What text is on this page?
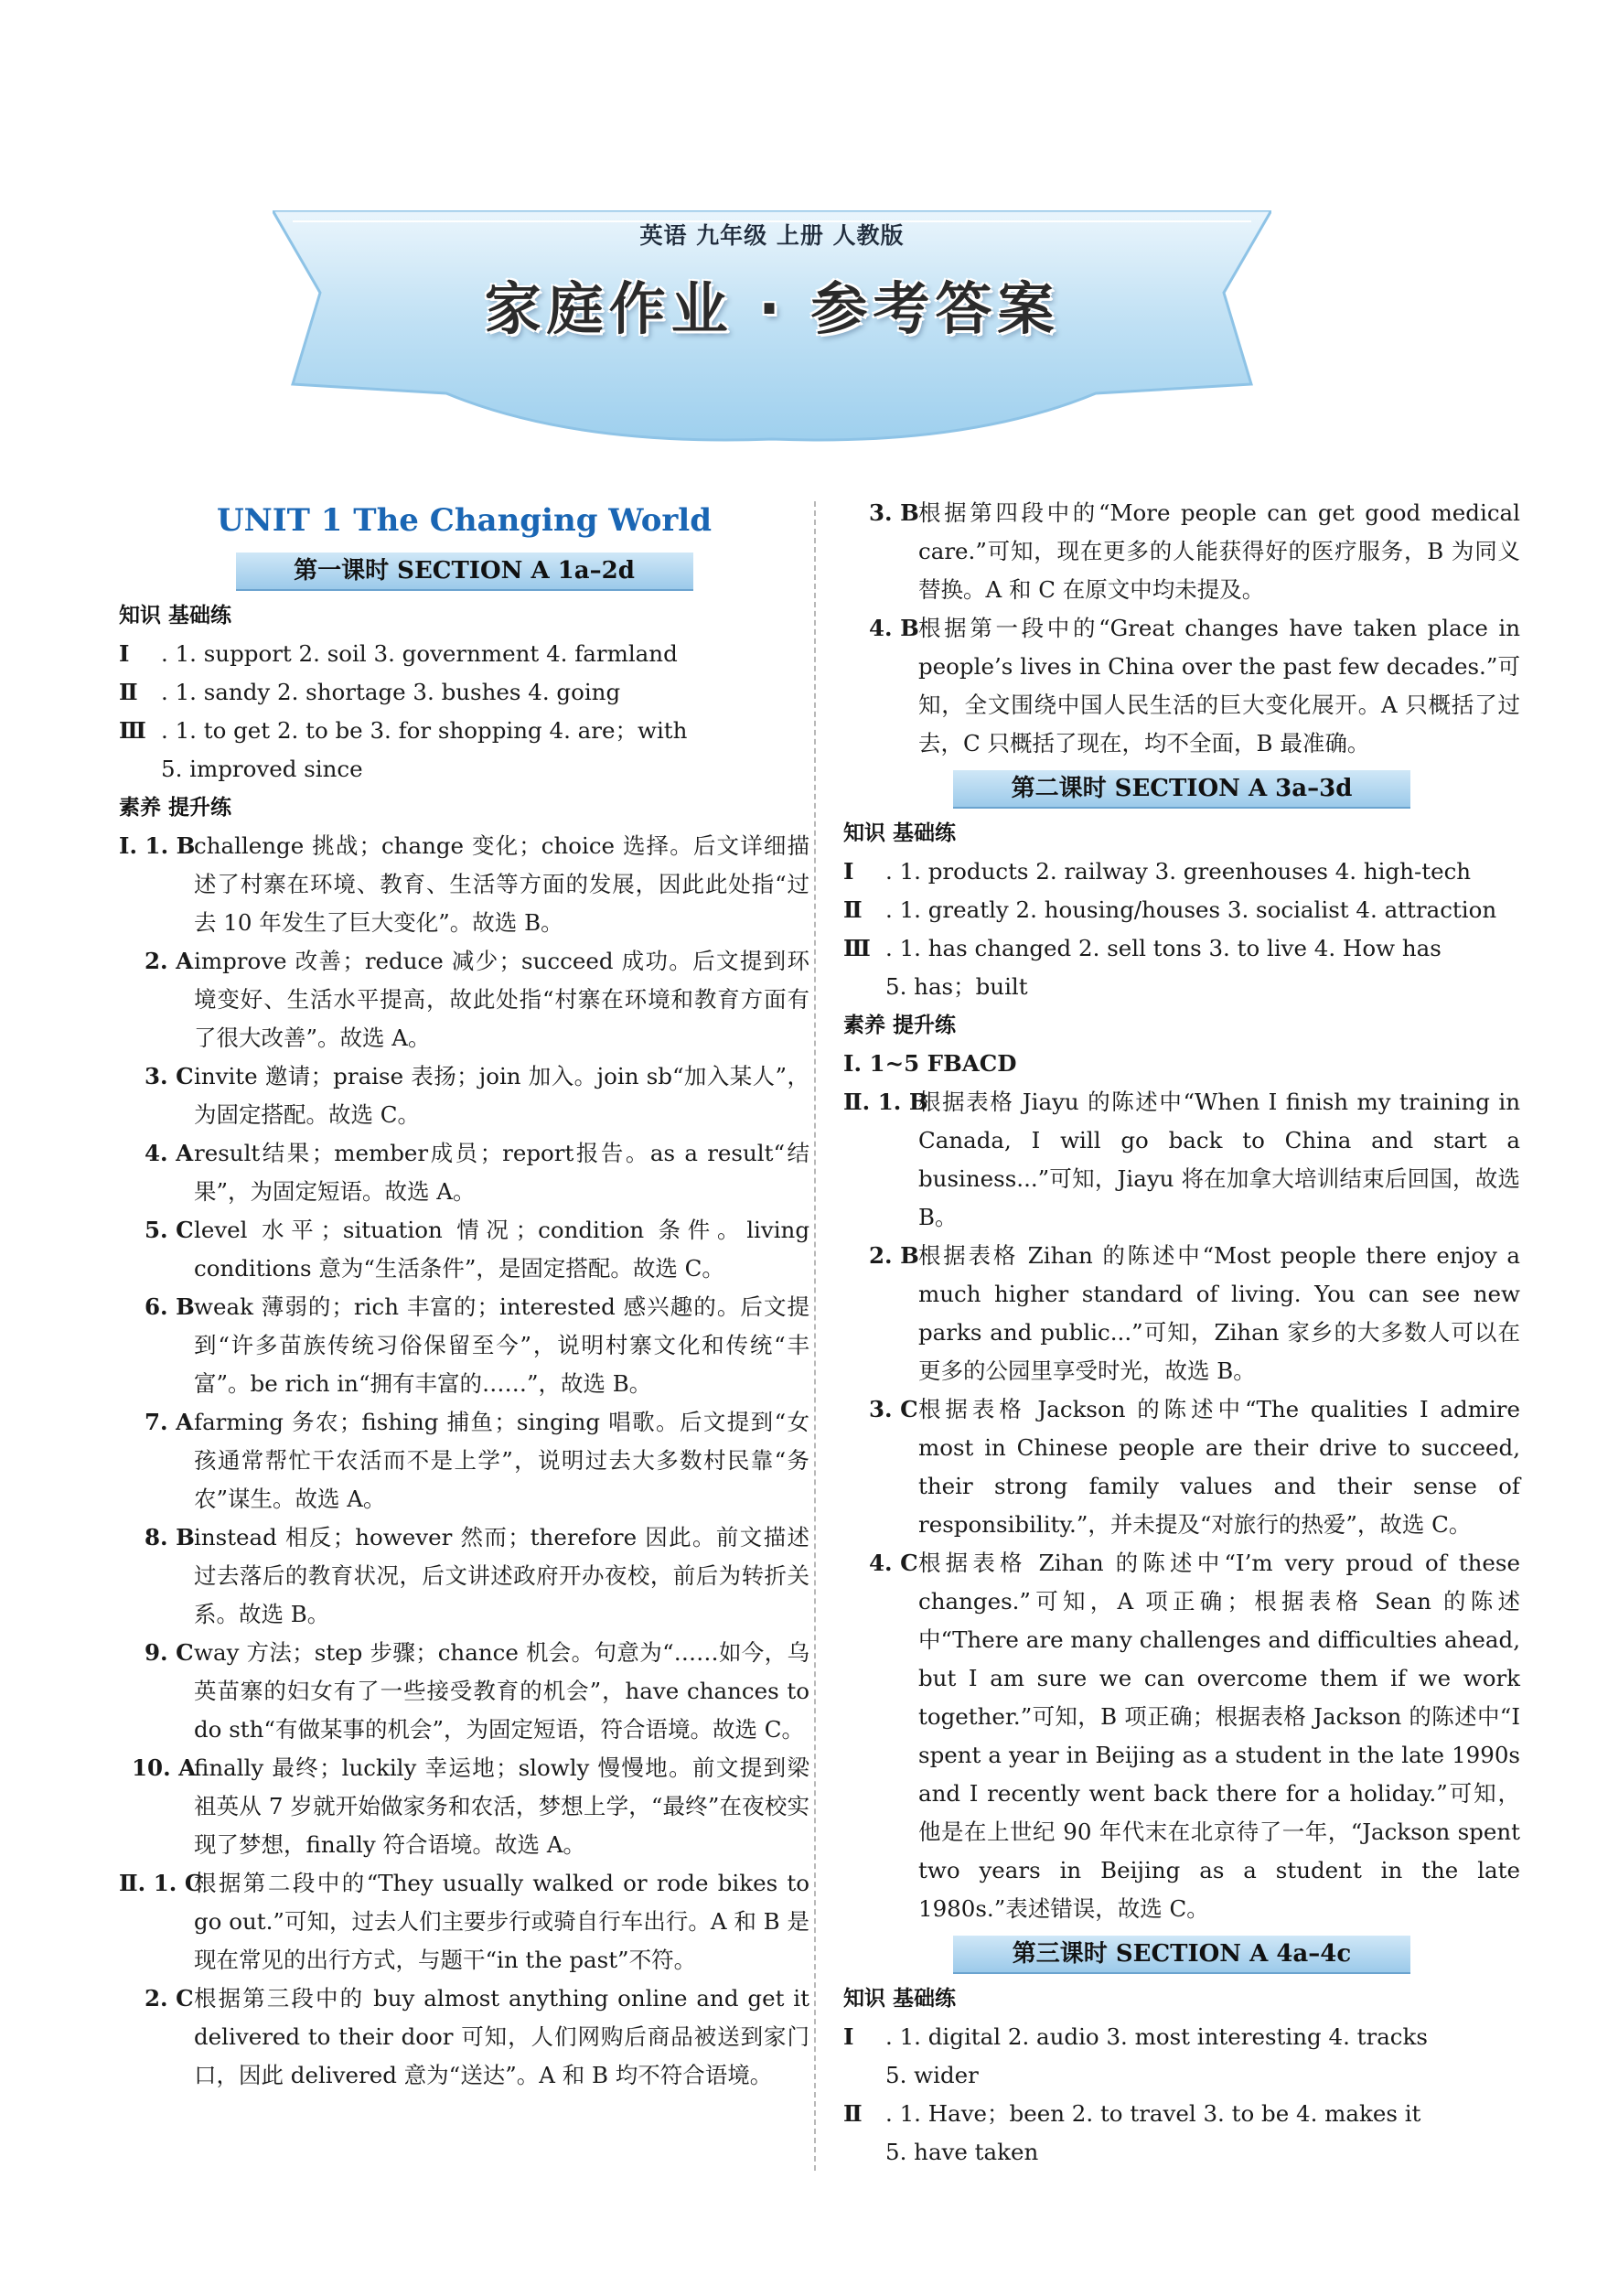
英语 九年级 上册 人教版
家庭作业 · 参考答案
UNIT 1 The Changing World
第一课时 SECTION A 1a–2d
知识 基础练
Ⅰ . 1. support 2. soil 3. government 4. farmland
Ⅱ . 1. sandy 2. shortage 3. bushes 4. going
Ⅲ . 1. to get 2. to be 3. for shopping 4. are；with
5. improved since
素养 提升练
Ⅰ. 1. B
challenge 挑战；change 变化；choice 选择。后文详细描述了村寨在环境、教育、生活等方面的发展，因此此处指“过去 10 年发生了巨大变化”。故选 B。
2. A improve 改善；reduce 减少；succeed 成功。后文提到环境变好、生活水平提高，故此处指“村寨在环境和教育方面有了很大改善”。故选 A。
3. C invite 邀请；praise 表扬；join 加入。join sb“加入某人”，为固定搭配。故选 C。
4. A result结果；member成员；report报告。as a result“结果”，为固定短语。故选 A。
5. C level 水平；situation 情况；condition 条件。living conditions 意为“生活条件”，是固定搭配。故选 C。
6. B weak 薄弱的；rich 丰富的；interested 感兴趣的。后文提到“许多苗族传统习俗保留至今”，说明村寨文化和传统“丰富”。be rich in“拥有丰富的……”，故选 B。
7. A farming 务农；fishing 捕鱼；singing 唱歌。后文提到“女孩通常帮忙干农活而不是上学”，说明过去大多数村民靠“务农”谋生。故选 A。
8. B instead 相反；however 然而；therefore 因此。前文描述过去落后的教育状况，后文讲述政府开办夜校，前后为转折关系。故选 B。
9. C way 方法；step 步骤；chance 机会。句意为“……如今，乌英苗寨的妇女有了一些接受教育的机会”，have chances to do sth“有做某事的机会”，为固定短语，符合语境。故选 C。
10. A
finally 最终；luckily 幸运地；slowly 慢慢地。前文提到梁祖英从 7 岁就开始做家务和农活，梦想上学，“最终”在夜校实现了梦想，finally 符合语境。故选 A。
Ⅱ. 1. C
根据第二段中的“They usually walked or rode bikes to go out.”可知，过去人们主要步行或骑自行车出行。A 和 B 是现在常见的出行方式，与题干“in the past”不符。
2. C 根据第三段中的 buy almost anything online and get it delivered to their door 可知，人们网购后商品被送到家门口，因此 delivered 意为“送达”。A 和 B 均不符合语境。
3. B 根据第四段中的“More people can get good medical care.”可知，现在更多的人能获得好的医疗服务，B 为同义替换。A 和 C 在原文中均未提及。
4. B 根据第一段中的“Great changes have taken place in people’s lives in China over the past few decades.”可知，全文围绕中国人民生活的巨大变化展开。A 只概括了过去，C 只概括了现在，均不全面，B 最准确。
第二课时 SECTION A 3a–3d
知识 基础练
Ⅰ . 1. products 2. railway 3. greenhouses 4. high-tech
Ⅱ . 1. greatly 2. housing/houses 3. socialist 4. attraction
Ⅲ . 1. has changed 2. sell tons 3. to live 4. How has
5. has；built
素养 提升练
Ⅰ. 1~5 FBACD
Ⅱ. 1. B
根据表格 Jiayu 的陈述中“When I finish my training in Canada, I will go back to China and start a business...”可知，Jiayu 将在加拿大培训结束后回国，故选 B。
2. B 根据表格 Zihan 的陈述中“Most people there enjoy a much higher standard of living. You can see new parks and public...”可知，Zihan 家乡的大多数人可以在更多的公园里享受时光，故选 B。
3. C 根据表格 Jackson 的陈述中“The qualities I admire most in Chinese people are their drive to succeed, their strong family values and their sense of responsibility.”，并未提及“对旅行的热爱”，故选 C。
4. C 根据表格 Zihan 的陈述中“I’m very proud of these changes.”可知，A 项正确；根据表格 Sean 的陈述中“There are many challenges and difficulties ahead, but I am sure we can overcome them if we work together.”可知，B 项正确；根据表格 Jackson 的陈述中“I spent a year in Beijing as a student in the late 1990s and I recently went back there for a holiday.”可知，他是在上世纪 90 年代末在北京待了一年，“Jackson spent two years in Beijing as a student in the late 1980s.”表述错误，故选 C。
第三课时 SECTION A 4a–4c
知识 基础练
Ⅰ . 1. digital 2. audio 3. most interesting 4. tracks
5. wider
Ⅱ . 1. Have；been 2. to travel 3. to be 4. makes it
5. have taken
